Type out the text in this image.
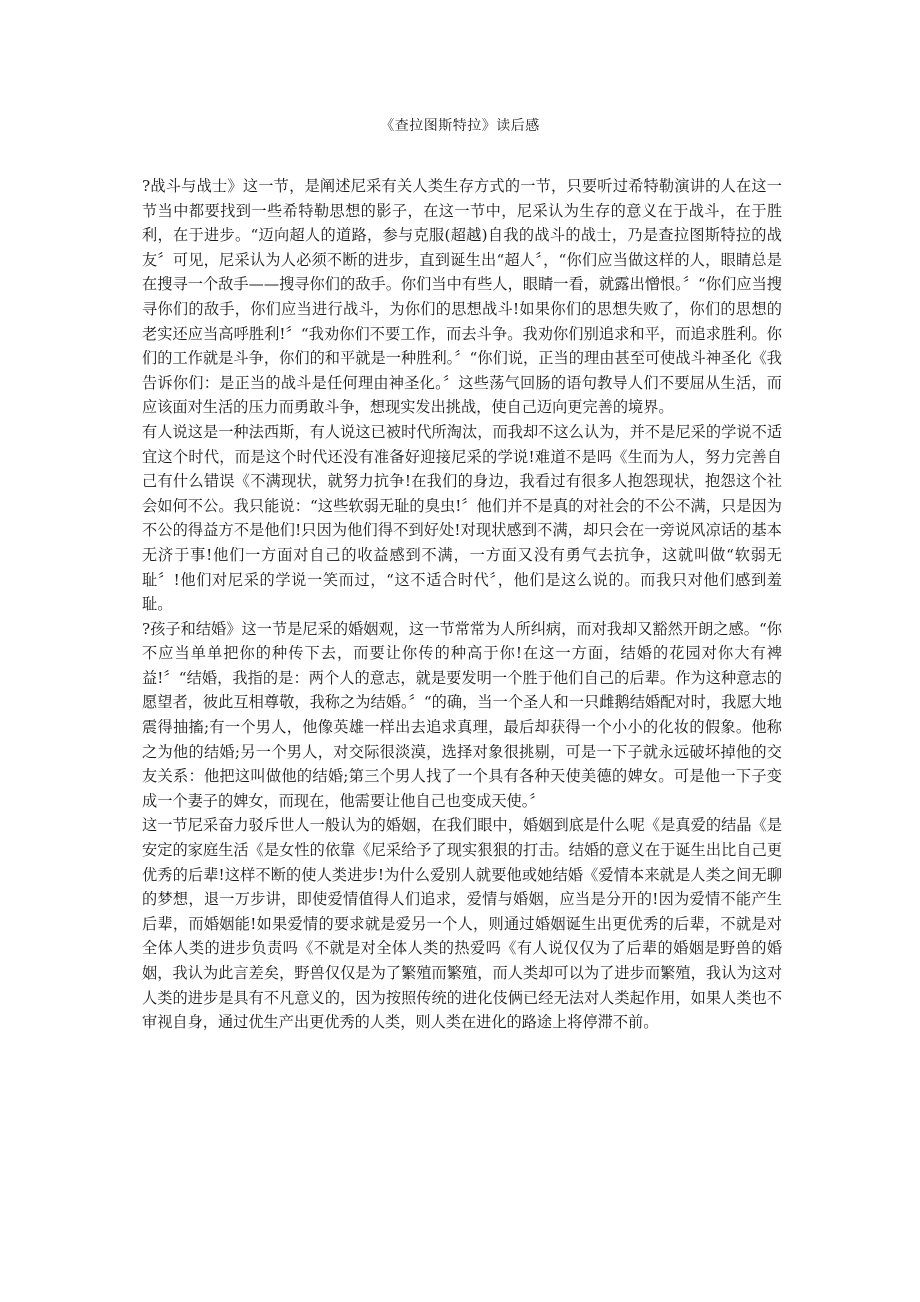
《查拉图斯特拉》读后感

?战斗与战士》这一节，是阐述尼采有关人类生存方式的一节，只要听过希特勒演讲的人在这一节当中都要找到一些希特勒思想的影子，在这一节中，尼采认为生存的意义在于战斗，在于胜利，在于进步。“迈向超人的道路，参与克服(超越)自我的战斗的战士，乃是查拉图斯特拉的战友〞可见，尼采认为人必须不断的进步，直到诞生出“超人〞，“你们应当做这样的人，眼睛总是在搜寻一个敌手——搜寻你们的敌手。你们当中有些人，眼睛一看，就露出憎恨。〞“你们应当搜寻你们的敌手，你们应当进行战斗，为你们的思想战斗!如果你们的思想失败了，你们的思想的老实还应当高呼胜利!〞“我劝你们不要工作，而去斗争。我劝你们别追求和平，而追求胜利。你们的工作就是斗争，你们的和平就是一种胜利。〞“你们说，正当的理由甚至可使战斗神圣化《我告诉你们：是正当的战斗是任何理由神圣化。〞这些荡气回肠的语句教导人们不要屈从生活，而应该面对生活的压力而勇敢斗争，想现实发出挑战，使自己迈向更完善的境界。

有人说这是一种法西斯，有人说这已被时代所淘汰，而我却不这么认为，并不是尼采的学说不适宜这个时代，而是这个时代还没有准备好迎接尼采的学说!难道不是吗《生而为人，努力完善自己有什么错误《不满现状，就努力抗争!在我们的身边，我看过有很多人抱怨现状，抱怨这个社会如何不公。我只能说：“这些软弱无耻的臭虫!〞他们并不是真的对社会的不公不满，只是因为不公的得益方不是他们!只因为他们得不到好处!对现状感到不满，却只会在一旁说风凉话的基本无济于事!他们一方面对自己的收益感到不满，一方面又没有勇气去抗争，这就叫做“软弱无耻〞!他们对尼采的学说一笑而过，“这不适合时代〞，他们是这么说的。而我只对他们感到羞耻。

?孩子和结婚》这一节是尼采的婚姻观，这一节常常为人所纠病，而对我却又豁然开朗之感。“你不应当单单把你的种传下去，而要让你传的种高于你!在这一方面，结婚的花园对你大有裨益!〞“结婚，我指的是：两个人的意志，就是要发明一个胜于他们自己的后辈。作为这种意志的愿望者，彼此互相尊敬，我称之为结婚。〞“的确，当一个圣人和一只雌鹅结婚配对时，我愿大地震得抽搐;有一个男人，他像英雄一样出去追求真理，最后却获得一个小小的化妆的假象。他称之为他的结婚;另一个男人，对交际很淡漠，选择对象很挑剔，可是一下子就永远破坏掉他的交友关系：他把这叫做他的结婚;第三个男人找了一个具有各种天使美德的婢女。可是他一下子变成一个妻子的婢女，而现在，他需要让他自己也变成天使。〞

这一节尼采奋力驳斥世人一般认为的婚姻，在我们眼中，婚姻到底是什么呢《是真爱的结晶《是安定的家庭生活《是女性的依靠《尼采给予了现实狠狠的打击。结婚的意义在于诞生出比自己更优秀的后辈!这样不断的使人类进步!为什么爱别人就要他或她结婚《爱情本来就是人类之间无聊的梦想，退一万步讲，即使爱情值得人们追求，爱情与婚姻，应当是分开的!因为爱情不能产生后辈，而婚姻能!如果爱情的要求就是爱另一个人，则通过婚姻诞生出更优秀的后辈，不就是对全体人类的进步负责吗《不就是对全体人类的热爱吗《有人说仅仅为了后辈的婚姻是野兽的婚姻，我认为此言差矣，野兽仅仅是为了繁殖而繁殖，而人类却可以为了进步而繁殖，我认为这对人类的进步是具有不凡意义的，因为按照传统的进化伎俩已经无法对人类起作用，如果人类也不审视自身，通过优生产出更优秀的人类，则人类在进化的路途上将停滞不前。
